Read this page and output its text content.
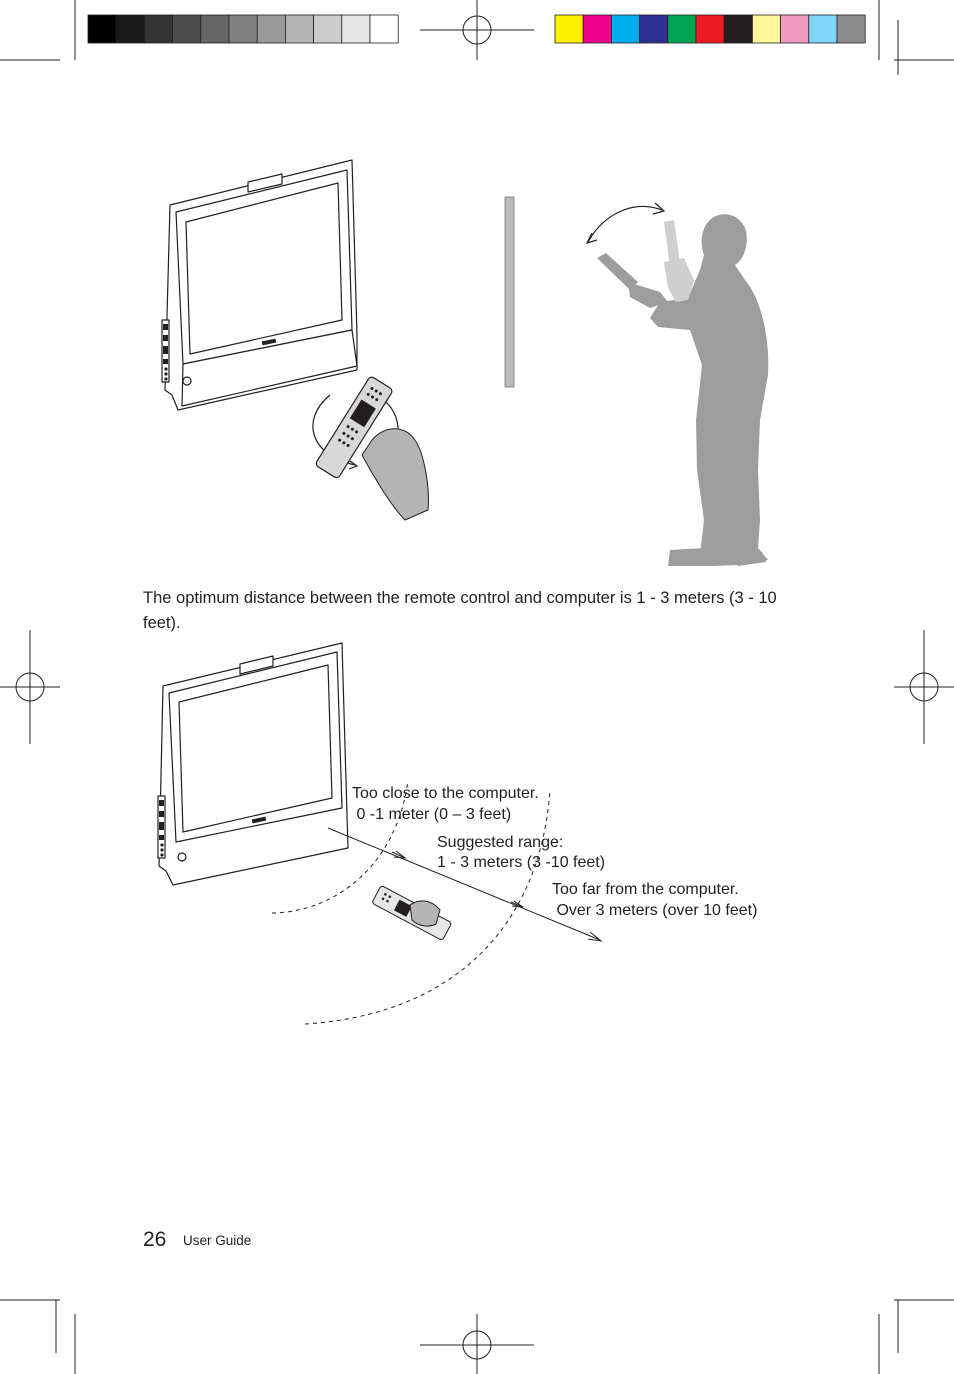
The optimum distance between the remote control and computer is 1 - 3 meters (3 - 10 feet).
Too close to the computer.
0 -1 meter (0 – 3 feet)
Suggested range:
1 - 3 meters (3 -10 feet)
Too far from the computer.
Over 3 meters (over 10 feet)
26 User Guide
